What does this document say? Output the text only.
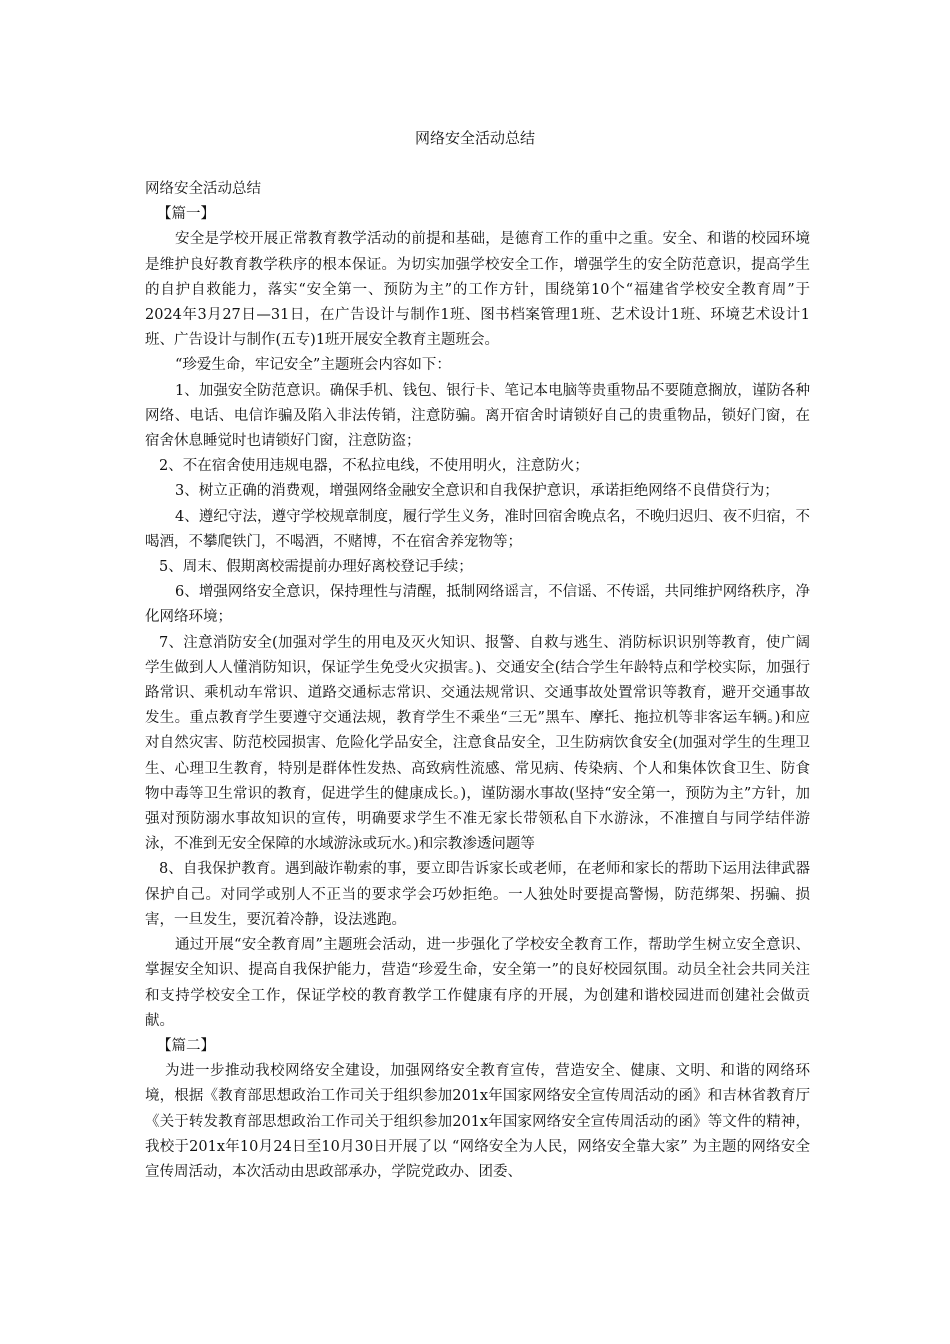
网络安全活动总结

网络安全活动总结

【篇一】

安全是学校开展正常教育教学活动的前提和基础，是德育工作的重中之重。安全、和谐的校园环境是维护良好教育教学秩序的根本保证。为切实加强学校安全工作，增强学生的安全防范意识，提高学生的自护自救能力，落实“安全第一、预防为主”的工作方针，围绕第10个“福建省学校安全教育周”于 2024年3月27日—31日，在广告设计与制作1班、图书档案管理1班、艺术设计1班、环境艺术设计1班、广告设计与制作(五专)1班开展安全教育主题班会。

“珍爱生命，牢记安全”主题班会内容如下：

1、加强安全防范意识。确保手机、钱包、银行卡、笔记本电脑等贵重物品不要随意搁放，谨防各种网络、电话、电信诈骗及陷入非法传销，注意防骗。离开宿舍时请锁好自己的贵重物品，锁好门窗，在宿舍休息睡觉时也请锁好门窗，注意防盗；

2、不在宿舍使用违规电器，不私拉电线，不使用明火，注意防火；

3、树立正确的消费观，增强网络金融安全意识和自我保护意识，承诺拒绝网络不良借贷行为；

4、遵纪守法，遵守学校规章制度，履行学生义务，准时回宿舍晚点名，不晚归迟归、夜不归宿，不喝酒，不攀爬铁门，不喝酒，不赌博，不在宿舍养宠物等；

5、周末、假期离校需提前办理好离校登记手续；

6、增强网络安全意识，保持理性与清醒，抵制网络谣言，不信谣、不传谣，共同维护网络秩序，净化网络环境；

7、注意消防安全(加强对学生的用电及灭火知识、报警、自救与逃生、消防标识识别等教育，使广阔学生做到人人懂消防知识，保证学生免受火灾损害。)、交通安全(结合学生年龄特点和学校实际，加强行路常识、乘机动车常识、道路交通标志常识、交通法规常识、交通事故处置常识等教育，避开交通事故发生。重点教育学生要遵守交通法规，教育学生不乘坐“三无”黑车、摩托、拖拉机等非客运车辆。)和应对自然灾害、防范校园损害、危险化学品安全，注意食品安全，卫生防病饮食安全(加强对学生的生理卫生、心理卫生教育，特别是群体性发热、高致病性流感、常见病、传染病、个人和集体饮食卫生、防食物中毒等卫生常识的教育，促进学生的健康成长。)，谨防溺水事故(坚持“安全第一，预防为主”方针，加强对预防溺水事故知识的宣传，明确要求学生不准无家长带领私自下水游泳，不准擅自与同学结伴游泳，不准到无安全保障的水域游泳或玩水。)和宗教渗透问题等

8、自我保护教育。遇到敲诈勒索的事，要立即告诉家长或老师，在老师和家长的帮助下运用法律武器保护自己。对同学或别人不正当的要求学会巧妙拒绝。一人独处时要提高警惕，防范绑架、拐骗、损害，一旦发生，要沉着冷静，设法逃跑。

通过开展“安全教育周”主题班会活动，进一步强化了学校安全教育工作，帮助学生树立安全意识、掌握安全知识、提高自我保护能力，营造“珍爱生命，安全第一”的良好校园氛围。动员全社会共同关注和支持学校安全工作，保证学校的教育教学工作健康有序的开展，为创建和谐校园进而创建社会做贡献。

【篇二】

为进一步推动我校网络安全建设，加强网络安全教育宣传，营造安全、健康、文明、和谐的网络环境，根据《教育部思想政治工作司关于组织参加201x年国家网络安全宣传周活动的函》和吉林省教育厅《关于转发教育部思想政治工作司关于组织参加201x年国家网络安全宣传周活动的函》等文件的精神，我校于201x年10月24日至10月30日开展了以 “网络安全为人民，网络安全靠大家” 为主题的网络安全宣传周活动，本次活动由思政部承办，学院党政办、团委、
